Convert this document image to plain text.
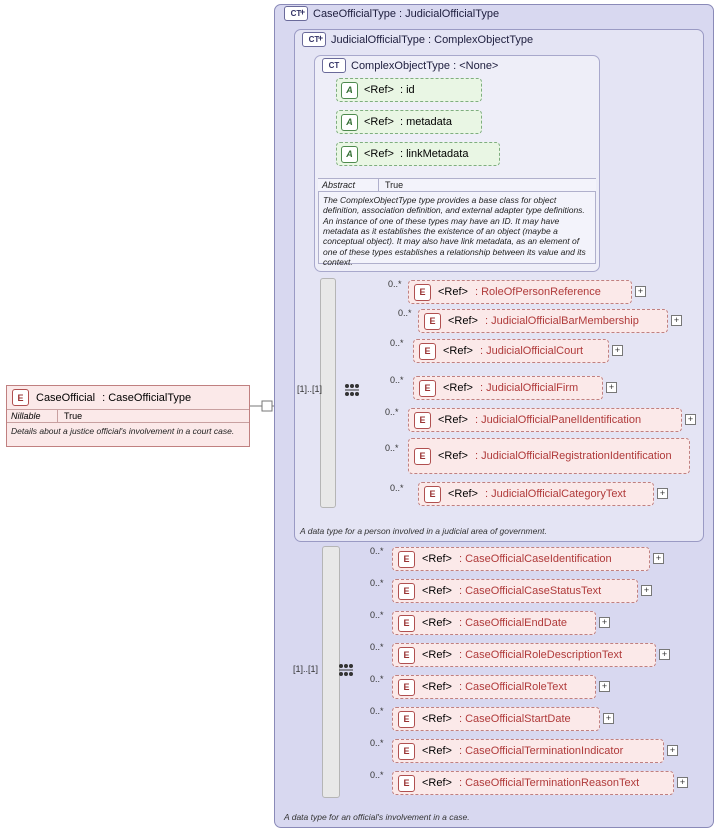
E	CaseOfficial : CaseOfficialType
Nillable	True
Details about a justice official's involvement in a court case.
CT
+ CaseOfficialType : JudicialOfficialType
A data type for an official's involvement in a case.
CT
+ JudicialOfficialType : ComplexObjectType
A data type for a person involved in a judicial area of government.
CT	ComplexObjectType : <None>
A	<Ref> : id
A	<Ref> : metadata
A	<Ref> : linkMetadata
Abstract	True
The ComplexObjectType type provides a base class for object definition, association definition, and external adapter type definitions. An instance of one of these types may have an ID. It may have metadata as it establishes the existence of an object (maybe a conceptual object). It may also have link metadata, as an element of one of these types establishes a relationship between its value and its context.
[1]..[1]
0..*
E	<Ref> : RoleOfPersonReference	+
0..*
E	<Ref> : JudicialOfficialBarMembership	+
0..*
E	<Ref> : JudicialOfficialCourt	+
0..*
E	<Ref> : JudicialOfficialFirm	+
0..*
E	<Ref> : JudicialOfficialPanelIdentification	+
0..*
E	<Ref> : JudicialOfficialRegistrationIdentification
0..*
E	<Ref> : JudicialOfficialCategoryText	+
[1]..[1]
0..*
E	<Ref> : CaseOfficialCaseIdentification	+
0..*
E	<Ref> : CaseOfficialCaseStatusText	+
0..*
E	<Ref> : CaseOfficialEndDate	+
0..*
E	<Ref> : CaseOfficialRoleDescriptionText	+
0..*
E	<Ref> : CaseOfficialRoleText	+
0..*
E	<Ref> : CaseOfficialStartDate	+
0..*
E	<Ref> : CaseOfficialTerminationIndicator	+
0..*
E	<Ref> : CaseOfficialTerminationReasonText	+
